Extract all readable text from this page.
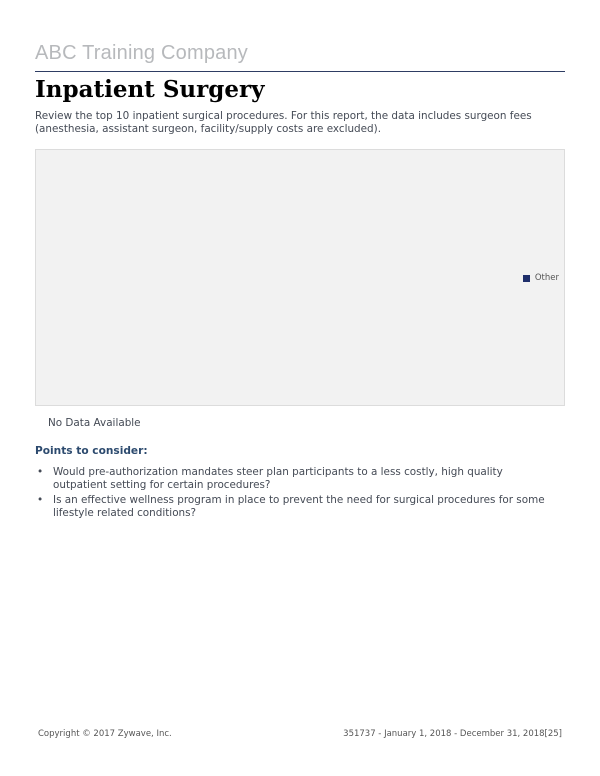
ABC Training Company
Inpatient Surgery
Review the top 10 inpatient surgical procedures. For this report, the data includes surgeon fees (anesthesia, assistant surgeon, facility/supply costs are excluded).
Other
No Data Available
Points to consider:
• Would pre-authorization mandates steer plan participants to a less costly, high quality outpatient setting for certain procedures?
• Is an effective wellness program in place to prevent the need for surgical procedures for some lifestyle related conditions?
Copyright © 2017 Zywave, Inc.	351737 - January 1, 2018 - December 31, 2018[25]
